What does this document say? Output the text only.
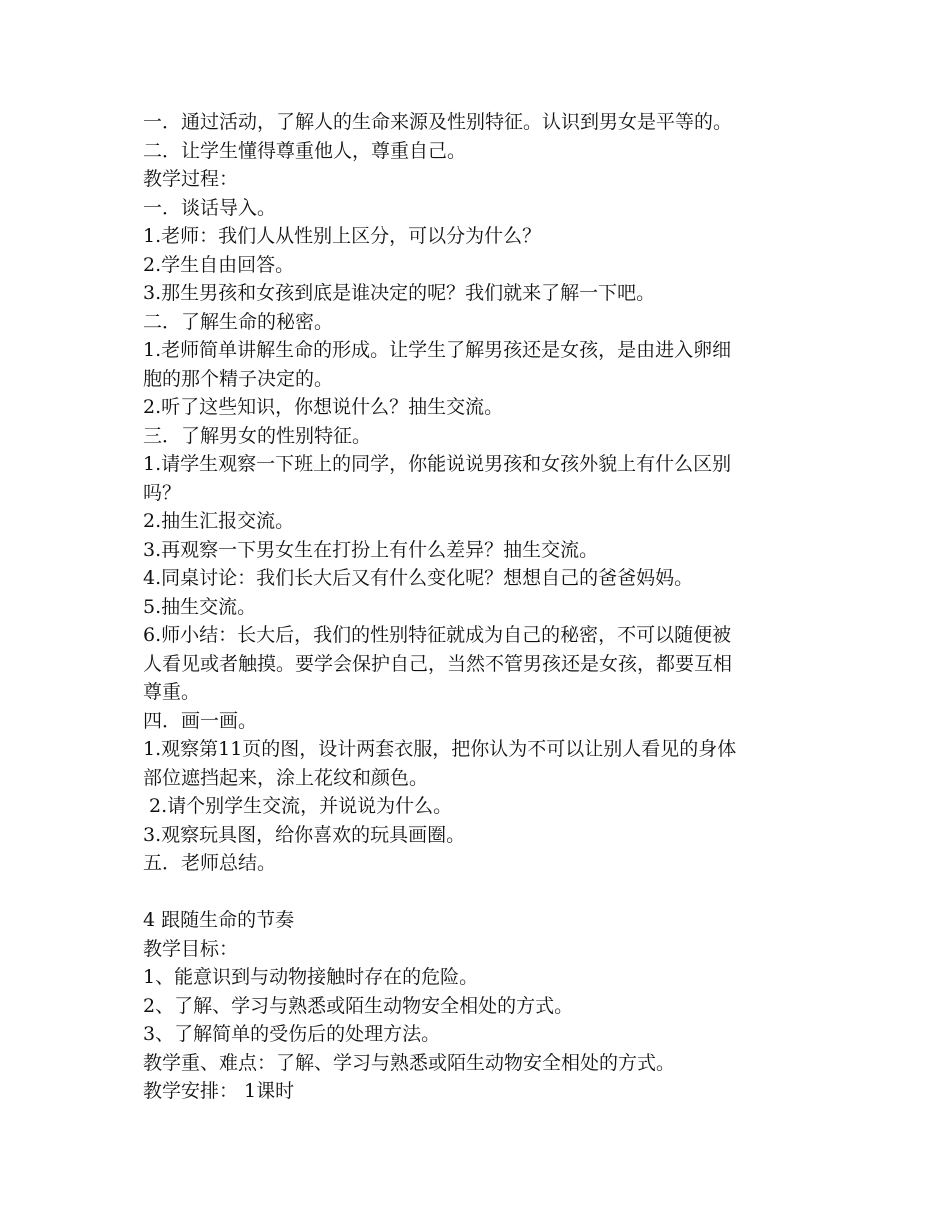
一．通过活动，了解人的生命来源及性别特征。认识到男女是平等的。

二．让学生懂得尊重他人，尊重自己。

教学过程：

一．谈话导入。

1.老师：我们人从性别上区分，可以分为什么？

2.学生自由回答。

3.那生男孩和女孩到底是谁决定的呢？我们就来了解一下吧。

二．了解生命的秘密。

1.老师简单讲解生命的形成。让学生了解男孩还是女孩，是由进入卵细

胞的那个精子决定的。

2.听了这些知识，你想说什么？抽生交流。

三．了解男女的性别特征。

1.请学生观察一下班上的同学，你能说说男孩和女孩外貌上有什么区别

吗？

2.抽生汇报交流。

3.再观察一下男女生在打扮上有什么差异？抽生交流。

4.同桌讨论：我们长大后又有什么变化呢？想想自己的爸爸妈妈。

5.抽生交流。

6.师小结：长大后，我们的性别特征就成为自己的秘密，不可以随便被

人看见或者触摸。要学会保护自己，当然不管男孩还是女孩，都要互相

尊重。

四．画一画。

1.观察第11页的图，设计两套衣服，把你认为不可以让别人看见的身体

部位遮挡起来，涂上花纹和颜色。

2.请个别学生交流，并说说为什么。

3.观察玩具图，给你喜欢的玩具画圈。

五．老师总结。

4 跟随生命的节奏

教学目标：

1、能意识到与动物接触时存在的危险。

2、了解、学习与熟悉或陌生动物安全相处的方式。

3、了解简单的受伤后的处理方法。

教学重、难点：了解、学习与熟悉或陌生动物安全相处的方式。

教学安排： 1课时
